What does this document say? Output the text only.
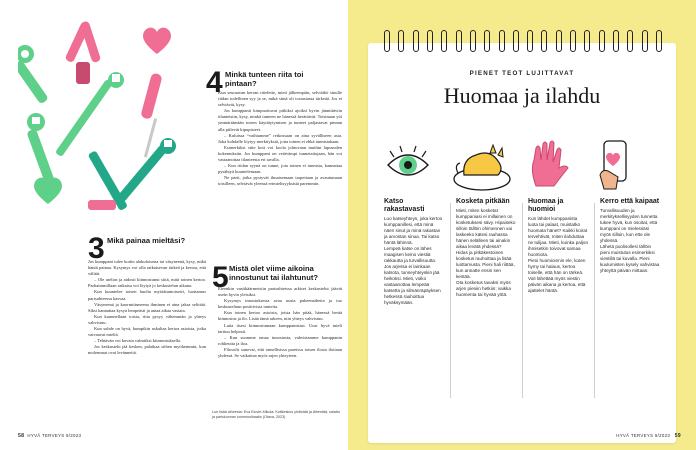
4 Minkä tunteen riita toi pintaan?

Kun seuraavan kerran riitelette, mieti jälkeenpäin, selviäikö sinulle riidan todellinen syy ja se, mikä siinä oli tosiasiassa tärkeää. Jos ei selviävät, kysy.

Jos kumppanit kimpuoituvat pitkiksi ajoiksi hyvin jännittäviin tilanteisiin, kysy, minkä tunteen ne hänessä herättävät. Toisinaan yöt ymmärtämään toisen käyttäytymisen ja tunteet paljastavat pinnan alla piilevät kipupisteet.

– Kuluissa “vaihtamme” ​retkossaan​ on aina syvälliseen asia. Joka kohdalle löytyy merkityksiä, joita toinen ei ehkä tunnistakaan.

Esimerkiksi sitte koti voi koola johtuvaan muihin lapsuuden kokemuksiin. Jos kumppani on vetävämpi tunnetaitojaan, hän voi vastaanottaa tilanteesta eri tavalla.

– Kun riidan syynä on tunne, jota toinen ei tunnista, kannattaa pysähtyä kuuntelemaan.

Ne parit, jotka pystyvät ilmaisemaan tarpeitaan ja avautumaan toisilleen, selviävät yleensä erimielisyyksistä paremmin.

3 Mikä painaa mieltäsi?

Jos kumppani tulee kotiin alakuloisena tai väsyneenä, kysy, mikä häntä painaa. Kysymys voi olla ratkaisevan tärkeä ja kertoa, että välität.

– Ole utelias ja aidosti kiinnostunut siitä, mitä toinen kertoo. Parhaimmillaan ratkaisu voi löytyä jo keskustelun aikana.

Kun kuuntelee toisen huolia myötätuntoisesti, luottamus parisuhteessa kasvaa.

Väsyneenä ja kuormittuneena ihminen ei aina jaksa selittää. Siksi kannattaa kysyä lempeästi ja antaa aikaa vastata.

Kun kuunnellaan toista, riita pysyy vähemmän ja yhteys vahvistuu.

Kun suhde on hyvä, kumpikin uskaltaa kertoa asioista, jotka vaivaavat mieltä.

– Tehtävän voi kuvata valmiiksi kiinnostuksella.

Jos keskustelu jää kesken, palatkaa siihen myöhemmin, kun molemmat ovat levänneitä.

5 Mistä olet viime aikoina innostunut tai ilahtunut?

Eteenkin vastikäärmeisiin parisuhteissa arkiset keskustelut jäävät usein hyvin yleisiksi.

Kysymys innostuksesta avaa uusia puheenaiheita ja tuo keskusteluun positiivisia tunteita.

Kun toinen kertoo asioista, joista hän pitää, hänessä herää kiinnostus ja ilo. Lisää tämä arkeen, niin yhteys vahvistuu.

Laita itsesi kiinnostumaan kumppanistasi. Uusi hyvä mieli tarttuu helposti.

– Kun suomme omaa innostusta, vahvistamme kumppanin rohkeutta ja iloa.

Filosofit sanovat, että onnellisissa pareissa toisen ilosta iloitaan yhdessä. Se vaikuttaa myös arjen yhteyteen.

Lue lisää aiheesta: Eva Elovirt-Mikola: Kotikeskus yhdistää ja lähentää, salattu ja pariskunnan kommunikaatio (Otava, 2023)
58 HYVÄ TERVEYS 9/2023
PIENET TEOT LUJITTAVAT
Huomaa ja ilahdu
Katso rakastavasti
Luo katseyhteys, joka kertoo kumppanillesi, että minä näen sinut ja minä rakastan ja arvostan sinua. Tai katso häntä lähinnä.
Lempeä katse on lähes maagisen keino viestiä rakkautta ja turvallisuutta. Jos arjessa ei lainkaan katsota, tunneyhteyskin jää heikoksi. Mieti, voiko vastaanottaa lempeää katsetta ja silmänräpäyksen hetkessä rauhoittua hyväksymään.
Kosketa pitkään
Mieti, miten kosketat kumppaniasi ei millainen on kosketuksesi sävy. Hipaiseko silloin tällöin ohimennen vai laskeeko kätesi rauhassa hänen selälleen tai ainakin aikaa levätä yhdessä?
Hidas ja pitkäkestoinen kosketus rauhoittaa ja lisää luottamusta. Pieni hali riittää, kun annatte ensin sen kestää.
Ota kosketus tavaksi myös arjen pieniin hetkiin; vaikka huomenta tai hyvää yötä.
Huomaa ja huomioi
Kun lähdet kumppanista luota tai palaat, muistatko huomata hänet? Kaikki koirat tervehtivät, miten ilahduttaa ne tulijaa. Mieti, kuinka paljon ihmisetkin toivovat samaa huomiota.
Pieni huomioinnin ele, kuten hymy tai halaus, kertoo toiselle, että hän on tärkeä. Voit lähettää myös viestin päivän aikana ja kertoa, että ajattelet häntä.
Kerro että kaipaat
Turvallisuuden ja merkityksellisyyden tunnetta tukee hyvä, kun osoitat, että kumppani on mielessäsi myös silloin, kun ette ole yhdessä.
Lähetä puolisollesi tällöin pieni muistutus esimerkiksi viestillä tai kuvalla. Pieni kuulumisten kysely vahvistaa yhteyttä päivän mittaan.
HYVÄ TERVEYS 9/2023 59
